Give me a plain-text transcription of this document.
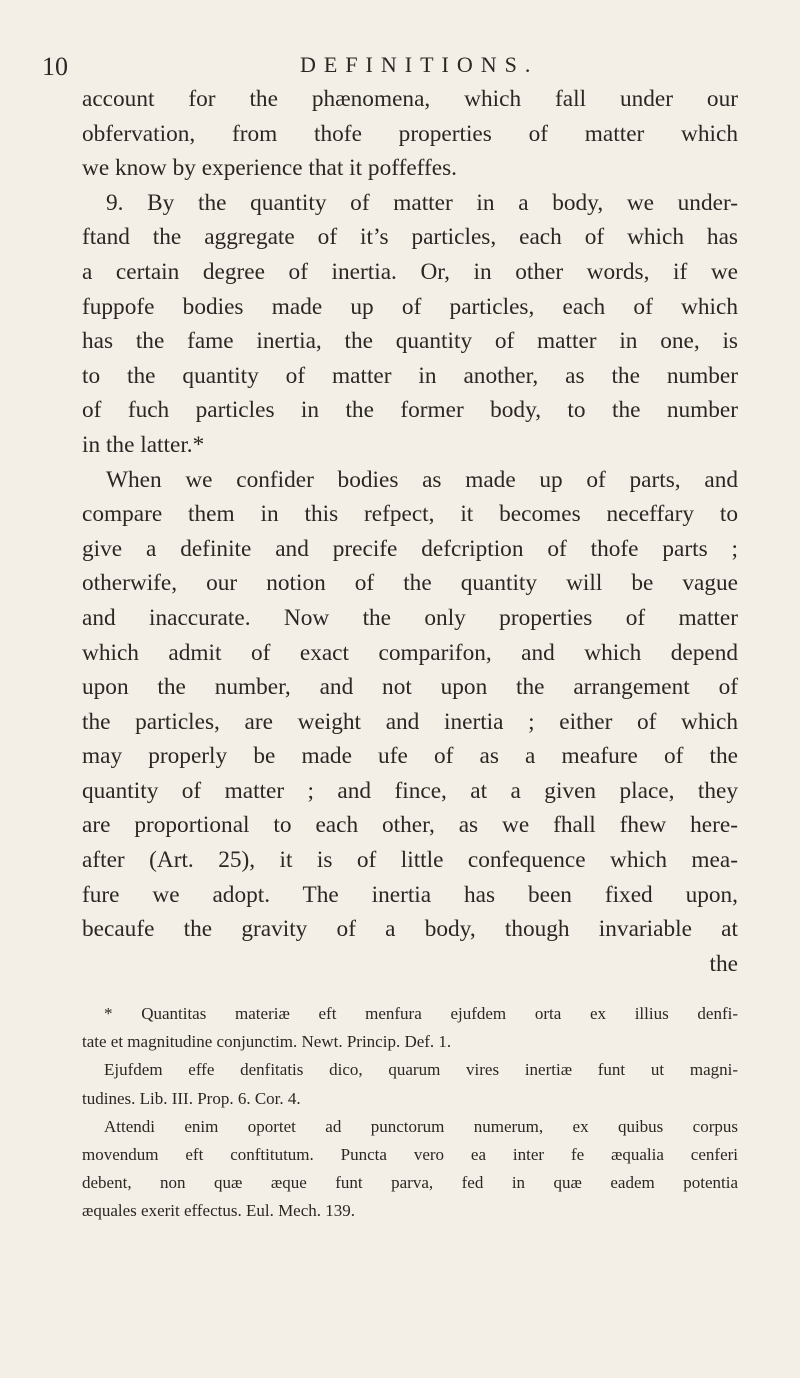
10	DEFINITIONS.
account for the phænomena, which fall under our
obfervation, from thofe properties of matter which
we know by experience that it poffeffes.
9. By the quantity of matter in a body, we under-
ftand the aggregate of it’s particles, each of which has
a certain degree of inertia. Or, in other words, if we
fuppofe bodies made up of particles, each of which
has the fame inertia, the quantity of matter in one, is
to the quantity of matter in another, as the number
of fuch particles in the former body, to the number
in the latter.*
When we confider bodies as made up of parts, and
compare them in this refpect, it becomes neceffary to
give a definite and precife defcription of thofe parts ;
otherwife, our notion of the quantity will be vague
and inaccurate. Now the only properties of matter
which admit of exact comparifon, and which depend
upon the number, and not upon the arrangement of
the particles, are weight and inertia ; either of which
may properly be made ufe of as a meafure of the
quantity of matter ; and fince, at a given place, they
are proportional to each other, as we fhall fhew here-
after (Art. 25), it is of little confequence which mea-
fure we adopt. The inertia has been fixed upon,
becaufe the gravity of a body, though invariable at
the
* Quantitas materiæ eft menfura ejufdem orta ex illius denfi-
tate et magnitudine conjunctim. Newt. Princip. Def. 1.
Ejufdem effe denfitatis dico, quarum vires inertiæ funt ut magni-
tudines. Lib. III. Prop. 6. Cor. 4.
Attendi enim oportet ad punctorum numerum, ex quibus corpus
movendum eft conftitutum. Puncta vero ea inter fe æqualia cenferi
debent, non quæ æque funt parva, fed in quæ eadem potentia
æquales exerit effectus. Eul. Mech. 139.
